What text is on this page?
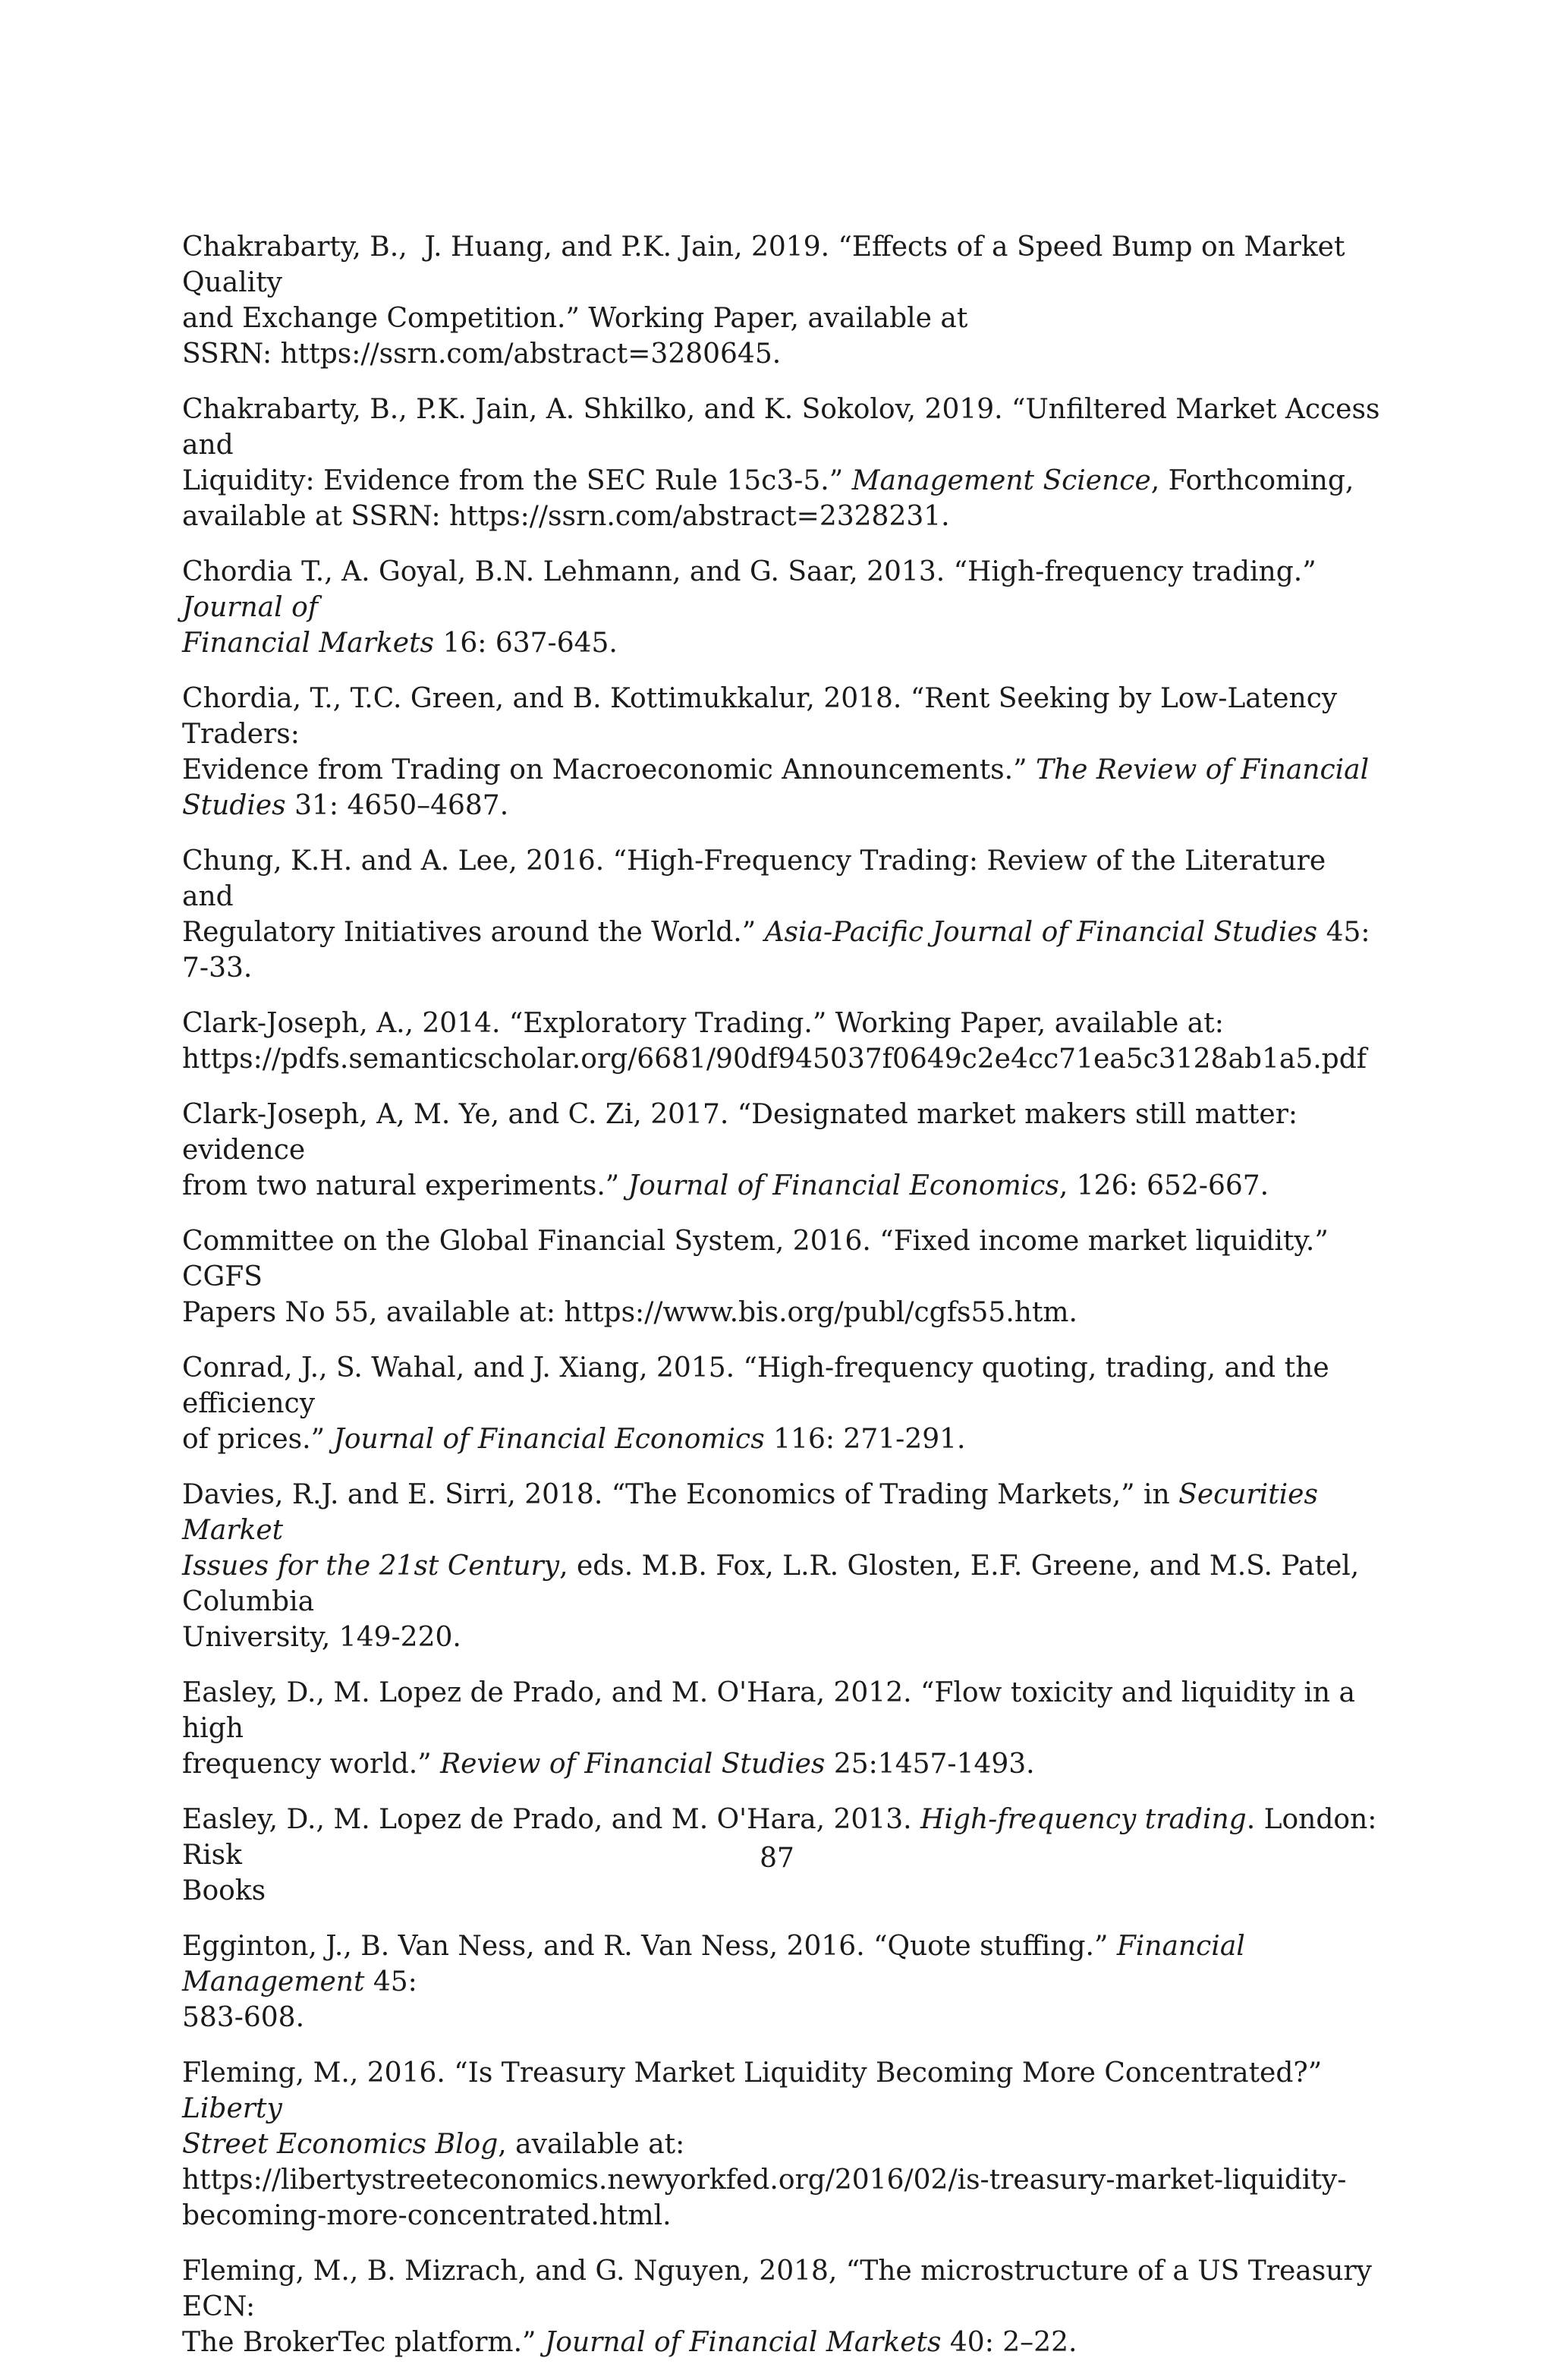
Chakrabarty, B.,  J. Huang, and P.K. Jain, 2019. “Effects of a Speed Bump on Market Quality
and Exchange Competition.” Working Paper, available at
SSRN: https://ssrn.com/abstract=3280645.

Chakrabarty, B., P.K. Jain, A. Shkilko, and K. Sokolov, 2019. “Unfiltered Market Access and
Liquidity: Evidence from the SEC Rule 15c3-5.” Management Science, Forthcoming,
available at SSRN: https://ssrn.com/abstract=2328231.

Chordia T., A. Goyal, B.N. Lehmann, and G. Saar, 2013. “High-frequency trading.” Journal of
Financial Markets 16: 637-645.

Chordia, T., T.C. Green, and B. Kottimukkalur, 2018. “Rent Seeking by Low-Latency Traders:
Evidence from Trading on Macroeconomic Announcements.” The Review of Financial
Studies 31: 4650–4687.

Chung, K.H. and A. Lee, 2016. “High-Frequency Trading: Review of the Literature and
Regulatory Initiatives around the World.” Asia-Pacific Journal of Financial Studies 45: 7-33.

Clark-Joseph, A., 2014. “Exploratory Trading.” Working Paper, available at:
https://pdfs.semanticscholar.org/6681/90df945037f0649c2e4cc71ea5c3128ab1a5.pdf

Clark-Joseph, A, M. Ye, and C. Zi, 2017. “Designated market makers still matter: evidence
from two natural experiments.” Journal of Financial Economics, 126: 652-667.

Committee on the Global Financial System, 2016. “Fixed income market liquidity.” CGFS
Papers No 55, available at: https://www.bis.org/publ/cgfs55.htm.

Conrad, J., S. Wahal, and J. Xiang, 2015. “High-frequency quoting, trading, and the efficiency
of prices.” Journal of Financial Economics 116: 271-291.

Davies, R.J. and E. Sirri, 2018. “The Economics of Trading Markets,” in Securities Market
Issues for the 21st Century, eds. M.B. Fox, L.R. Glosten, E.F. Greene, and M.S. Patel, Columbia
University, 149-220.

Easley, D., M. Lopez de Prado, and M. O'Hara, 2012. “Flow toxicity and liquidity in a high
frequency world.” Review of Financial Studies 25:1457-1493.

Easley, D., M. Lopez de Prado, and M. O'Hara, 2013. High-frequency trading. London: Risk
Books

Egginton, J., B. Van Ness, and R. Van Ness, 2016. “Quote stuffing.” Financial Management 45:
583-608.

Fleming, M., 2016. “Is Treasury Market Liquidity Becoming More Concentrated?” Liberty
Street Economics Blog, available at:
https://libertystreeteconomics.newyorkfed.org/2016/02/is-treasury-market-liquidity-
becoming-more-concentrated.html.

Fleming, M., B. Mizrach, and G. Nguyen, 2018, “The microstructure of a US Treasury ECN:
The BrokerTec platform.” Journal of Financial Markets 40: 2–22.

87
